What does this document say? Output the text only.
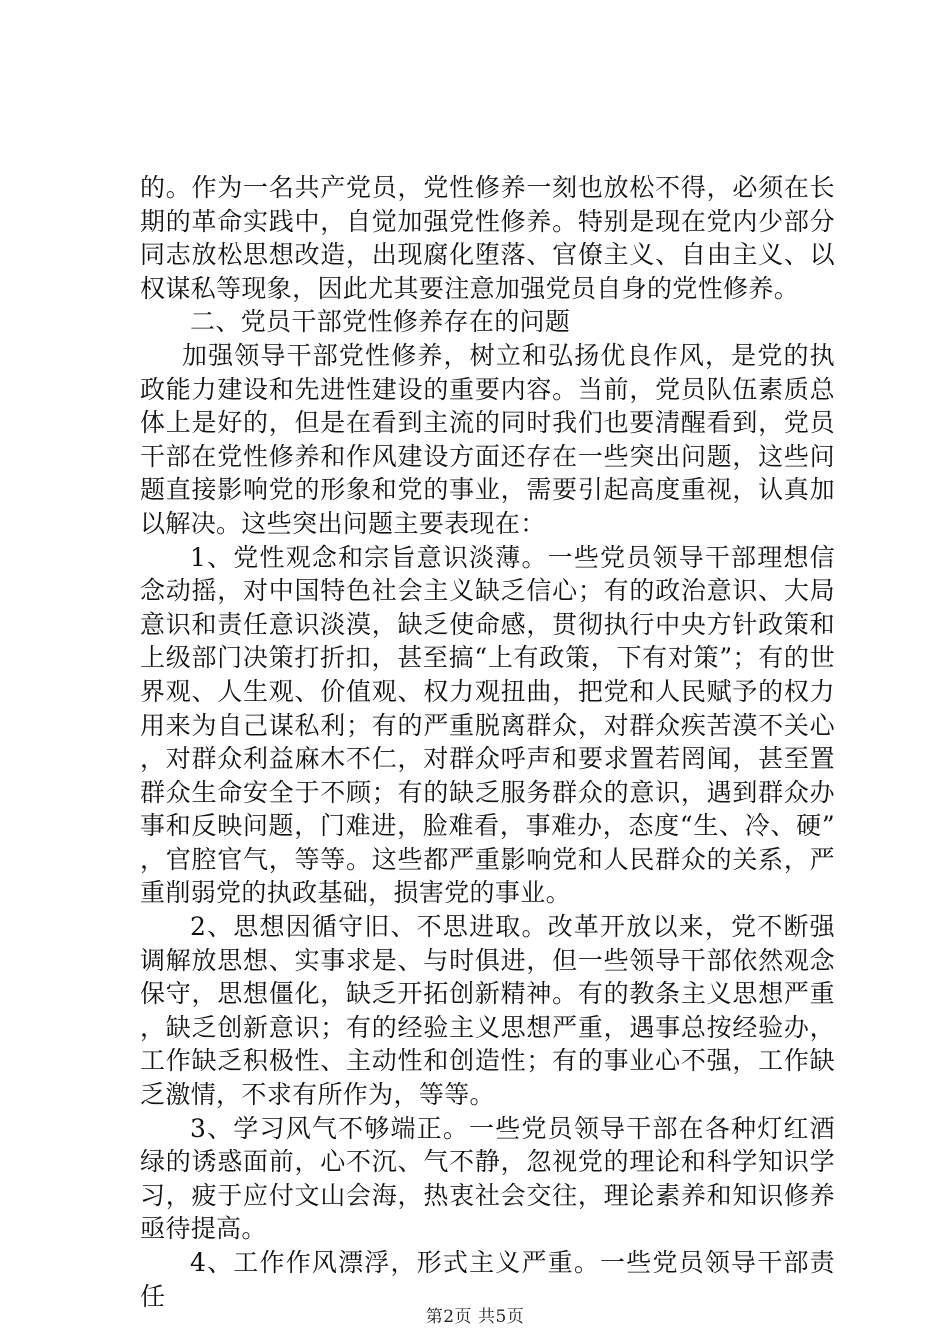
的。作为一名共产党员，党性修养一刻也放松不得，必须在长期的革命实践中，自觉加强党性修养。特别是现在党内少部分同志放松思想改造，出现腐化堕落、官僚主义、自由主义、以权谋私等现象，因此尤其要注意加强党员自身的党性修养。

二、党员干部党性修养存在的问题

加强领导干部党性修养，树立和弘扬优良作风，是党的执政能力建设和先进性建设的重要内容。当前，党员队伍素质总体上是好的，但是在看到主流的同时我们也要清醒看到，党员干部在党性修养和作风建设方面还存在一些突出问题，这些问题直接影响党的形象和党的事业，需要引起高度重视，认真加以解决。这些突出问题主要表现在：

1、党性观念和宗旨意识淡薄。一些党员领导干部理想信念动摇，对中国特色社会主义缺乏信心；有的政治意识、大局意识和责任意识淡漠，缺乏使命感，贯彻执行中央方针政策和上级部门决策打折扣，甚至搞“上有政策，下有对策”；有的世界观、人生观、价值观、权力观扭曲，把党和人民赋予的权力用来为自己谋私利；有的严重脱离群众，对群众疾苦漠不关心，对群众利益麻木不仁，对群众呼声和要求置若罔闻，甚至置群众生命安全于不顾；有的缺乏服务群众的意识，遇到群众办事和反映问题，门难进，脸难看，事难办，态度“生、冷、硬”，官腔官气，等等。这些都严重影响党和人民群众的关系，严重削弱党的执政基础，损害党的事业。

2、思想因循守旧、不思进取。改革开放以来，党不断强调解放思想、实事求是、与时俱进，但一些领导干部依然观念保守，思想僵化，缺乏开拓创新精神。有的教条主义思想严重，缺乏创新意识；有的经验主义思想严重，遇事总按经验办，工作缺乏积极性、主动性和创造性；有的事业心不强，工作缺乏激情，不求有所作为，等等。

3、学习风气不够端正。一些党员领导干部在各种灯红酒绿的诱惑面前，心不沉、气不静，忽视党的理论和科学知识学习，疲于应付文山会海，热衷社会交往，理论素养和知识修养亟待提高。

4、工作作风漂浮，形式主义严重。一些党员领导干部责任

第2页 共5页
